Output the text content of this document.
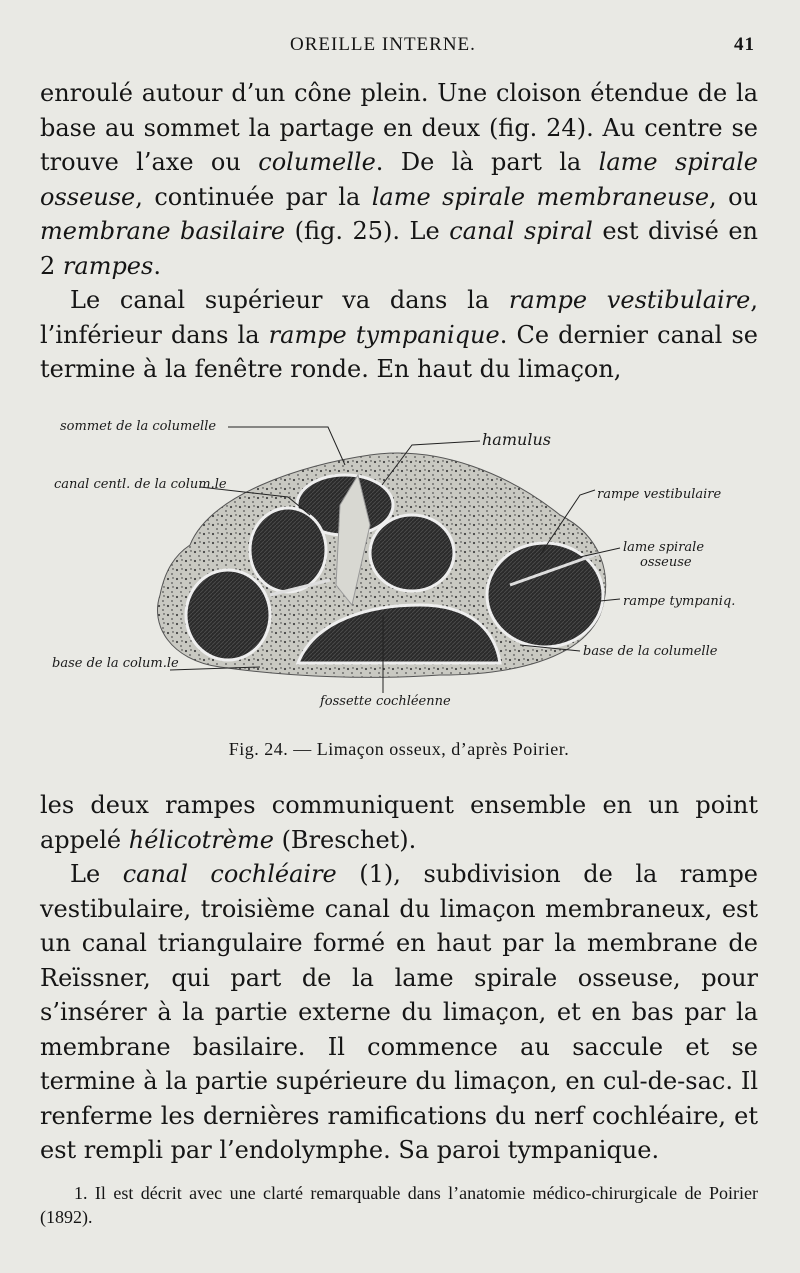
OREILLE INTERNE.	41

enroulé autour d’un cône plein. Une cloison étendue de la base au sommet la partage en deux (fig. 24). Au centre se trouve l’axe ou columelle. De là part la lame spirale osseuse, continuée par la lame spirale membraneuse, ou membrane basilaire (fig. 25). Le canal spiral est divisé en 2 rampes.

Le canal supérieur va dans la rampe vestibulaire, l’inférieur dans la rampe tympanique. Ce dernier canal se termine à la fenêtre ronde. En haut du limaçon,

sommet de la columelle
hamulus
canal centl. de la colum.le
rampe vestibulaire
lame spirale
osseuse
rampe tympaniq.
base de la columelle
base de la colum.le
fossette cochléenne
Fig. 24. — Limaçon osseux, d’après Poirier.

les deux rampes communiquent ensemble en un point appelé hélicotrème (Breschet).

Le canal cochléaire (1), subdivision de la rampe vestibulaire, troisième canal du limaçon membraneux, est un canal triangulaire formé en haut par la membrane de Reïssner, qui part de la lame spirale osseuse, pour s’insérer à la partie externe du limaçon, et en bas par la membrane basilaire. Il commence au saccule et se termine à la partie supérieure du limaçon, en cul-de-sac. Il renferme les dernières ramifications du nerf cochléaire, et est rempli par l’endolymphe. Sa paroi tympanique.

1. Il est décrit avec une clarté remarquable dans l’anatomie médico-chirurgicale de Poirier (1892).
